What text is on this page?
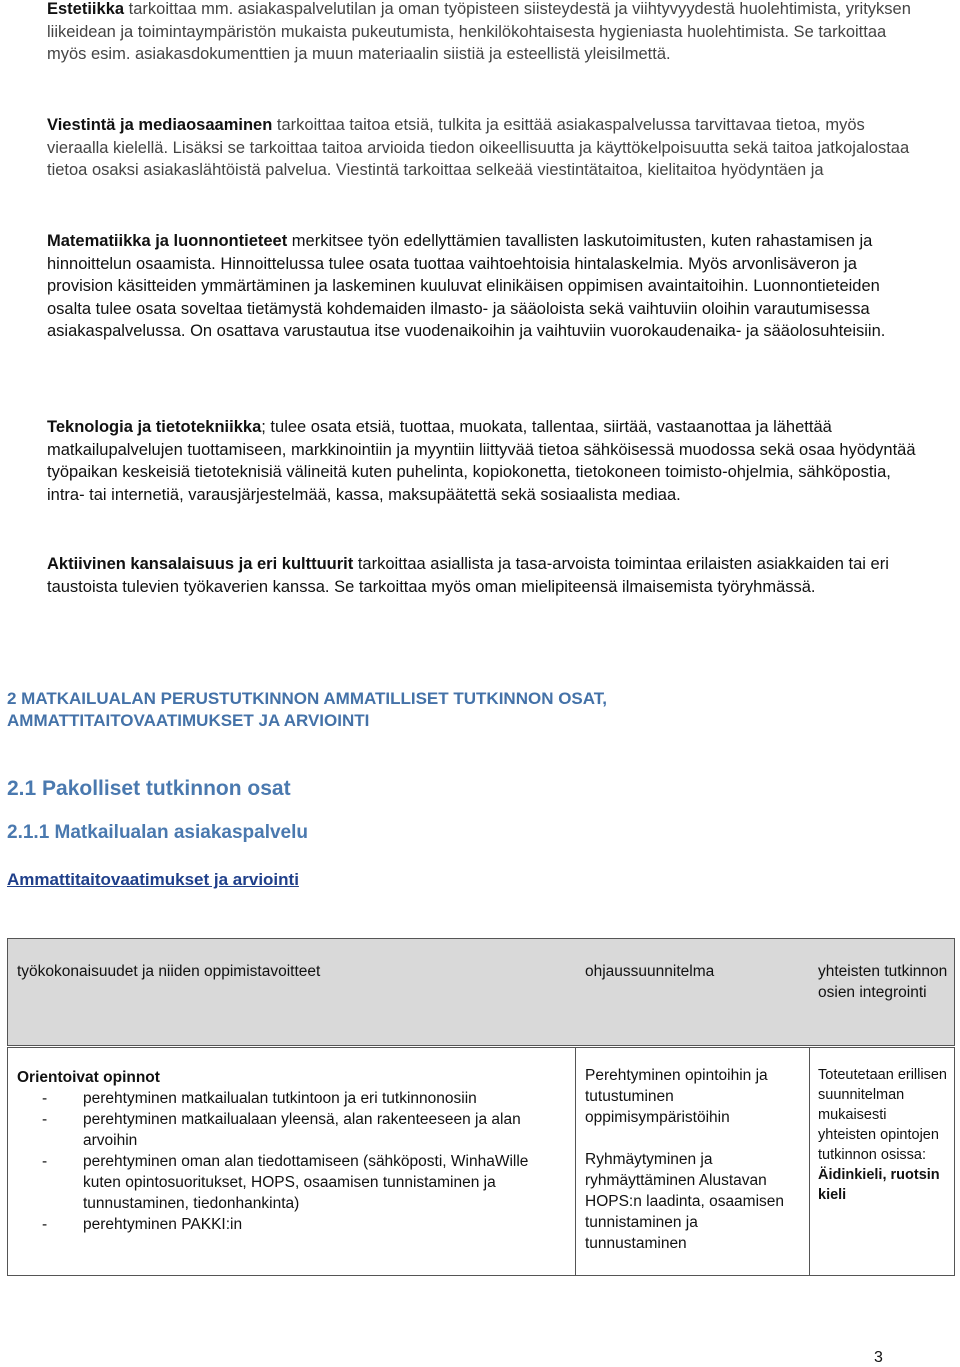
Estetiikka tarkoittaa mm. asiakaspalvelutilan ja oman työpisteen siisteydestä ja viihtyvyydestä huolehtimista, yrityksen liikeidean ja toimintaympäristön mukaista pukeutumista, henkilökohtaisesta hygieniasta huolehtimista. Se tarkoittaa myös esim. asiakasdokumenttien ja muun materiaalin siistiä ja esteellistä yleisilmettä.

Viestintä ja mediaosaaminen tarkoittaa taitoa etsiä, tulkita ja esittää asiakaspalvelussa tarvittavaa tietoa, myös vieraalla kielellä. Lisäksi se tarkoittaa taitoa arvioida tiedon oikeellisuutta ja käyttökelpoisuutta sekä taitoa jatkojalostaa tietoa osaksi asiakaslähtöistä palvelua. Viestintä tarkoittaa selkeää viestintätaitoa, kielitaitoa hyödyntäen ja

Matematiikka ja luonnontieteet merkitsee työn edellyttämien tavallisten laskutoimitusten, kuten rahastamisen ja hinnoittelun osaamista. Hinnoittelussa tulee osata tuottaa vaihtoehtoisia hintalaskelmia. Myös arvonlisäveron ja provision käsitteiden ymmärtäminen ja laskeminen kuuluvat elinikäisen oppimisen avaintaitoihin. Luonnontieteiden osalta tulee osata soveltaa tietämystä kohdemaiden ilmasto- ja sääoloista sekä vaihtuviin oloihin varautumisessa asiakaspalvelussa. On osattava varustautua itse vuodenaikoihin ja vaihtuviin vuorokaudenaika- ja sääolosuhteisiin.

Teknologia ja tietotekniikka; tulee osata etsiä, tuottaa, muokata, tallentaa, siirtää, vastaanottaa ja lähettää matkailupalvelujen tuottamiseen, markkinointiin ja myyntiin liittyvää tietoa sähköisessä muodossa sekä osaa hyödyntää työpaikan keskeisiä tietoteknisiä välineitä kuten puhelinta, kopiokonetta, tietokoneen toimisto-ohjelmia, sähköpostia, intra- tai internetiä, varausjärjestelmää, kassa, maksupäätettä sekä sosiaalista mediaa.

Aktiivinen kansalaisuus ja eri kulttuurit tarkoittaa asiallista ja tasa-arvoista toimintaa erilaisten asiakkaiden tai eri taustoista tulevien työkaverien kanssa. Se tarkoittaa myös oman mielipiteensä ilmaisemista työryhmässä.

2 MATKAILUALAN PERUSTUTKINNON AMMATILLISET TUTKINNON OSAT,
AMMATTITAITOVAATIMUKSET JA ARVIOINTI
2.1 Pakolliset tutkinnon osat
2.1.1 Matkailualan asiakaspalvelu
Ammattitaitovaatimukset ja arviointi
työkokonaisuudet ja niiden oppimistavoitteet	ohjaussuunnitelma	yhteisten tutkinnon osien integrointi
Orientoivat opinnot
- perehtyminen matkailualan tutkintoon ja eri tutkinnonosiin
- perehtyminen matkailualaan yleensä, alan rakenteeseen ja alan arvoihin
- perehtyminen oman alan tiedottamiseen (sähköposti, WinhaWille kuten opintosuoritukset, HOPS, osaamisen tunnistaminen ja tunnustaminen, tiedonhankinta)
- perehtyminen PAKKI:in
Perehtyminen opintoihin ja tutustuminen oppimisympäristöihin
Ryhmäytyminen ja ryhmäyttäminen Alustavan HOPS:n laadinta, osaamisen tunnistaminen ja tunnustaminen
Toteutetaan erillisen suunnitelman mukaisesti yhteisten opintojen tutkinnon osissa:
Äidinkieli, ruotsin kieli
3
